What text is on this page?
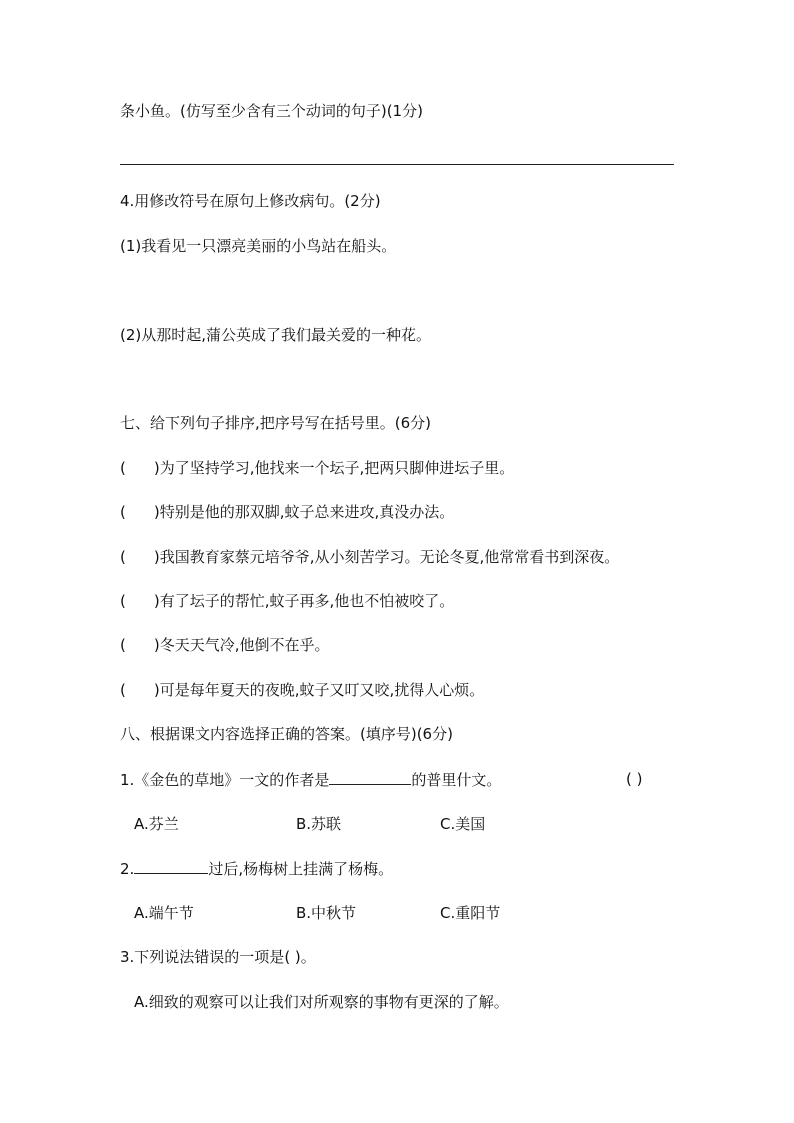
条小鱼。(仿写至少含有三个动词的句子)(1分)
4.用修改符号在原句上修改病句。(2分)
(1)我看见一只漂亮美丽的小鸟站在船头。
(2)从那时起,蒲公英成了我们最关爱的一种花。
七、给下列句子排序,把序号写在括号里。(6分)
( )为了坚持学习,他找来一个坛子,把两只脚伸进坛子里。
( )特别是他的那双脚,蚊子总来进攻,真没办法。
( )我国教育家蔡元培爷爷,从小刻苦学习。无论冬夏,他常常看书到深夜。
( )有了坛子的帮忙,蚊子再多,他也不怕被咬了。
( )冬天天气冷,他倒不在乎。
( )可是每年夏天的夜晚,蚊子又叮又咬,扰得人心烦。
八、根据课文内容选择正确的答案。(填序号)(6分)
1.《金色的草地》一文的作者是	的普里什文。	( )
A.芬兰	B.苏联	C.美国
2.	过后,杨梅树上挂满了杨梅。
A.端午节	B.中秋节	C.重阳节
3.下列说法错误的一项是( )。
A.细致的观察可以让我们对所观察的事物有更深的了解。
